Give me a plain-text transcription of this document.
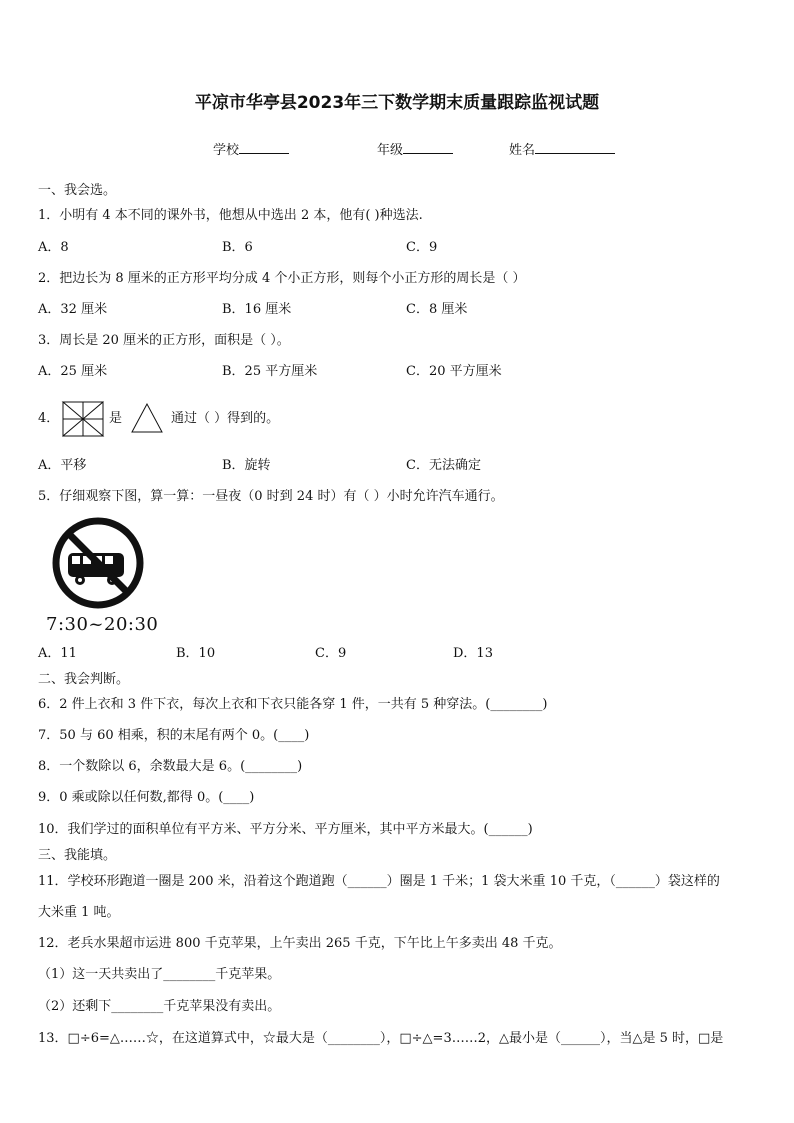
平凉市华亭县2023年三下数学期末质量跟踪监视试题
学校	年级	姓名
一、我会选。
1．小明有 4 本不同的课外书，他想从中选出 2 本，他有( )种选法.
A．8	B．6	C．9
2．把边长为 8 厘米的正方形平均分成 4 个小正方形，则每个小正方形的周长是（ ）
A．32 厘米	B．16 厘米	C．8 厘米
3．周长是 20 厘米的正方形，面积是（ ）。
A．25 厘米	B．25 平方厘米	C．20 平方厘米
4．	是	通过（ ）得到的。
A．平移	B．旋转	C．无法确定
5．仔细观察下图，算一算：一昼夜（0 时到 24 时）有（ ）小时允许汽车通行。
7:30~20:30
A．11	B．10	C．9	D．13
二、我会判断。
6．2 件上衣和 3 件下衣，每次上衣和下衣只能各穿 1 件，一共有 5 种穿法。(________)
7．50 与 60 相乘，积的末尾有两个 0。(____)
8．一个数除以 6，余数最大是 6。(________)
9．0 乘或除以任何数,都得 0。(____)
10．我们学过的面积单位有平方米、平方分米、平方厘米，其中平方米最大。(______)
三、我能填。
11．学校环形跑道一圈是 200 米，沿着这个跑道跑（______）圈是 1 千米；1 袋大米重 10 千克，（______）袋这样的
大米重 1 吨。
12．老兵水果超市运进 800 千克苹果，上午卖出 265 千克，下午比上午多卖出 48 千克。
（1）这一天共卖出了________千克苹果。
（2）还剩下________千克苹果没有卖出。
13．□÷6=△……☆，在这道算式中，☆最大是（________），□÷△=3……2，△最小是（______），当△是 5 时，□是
